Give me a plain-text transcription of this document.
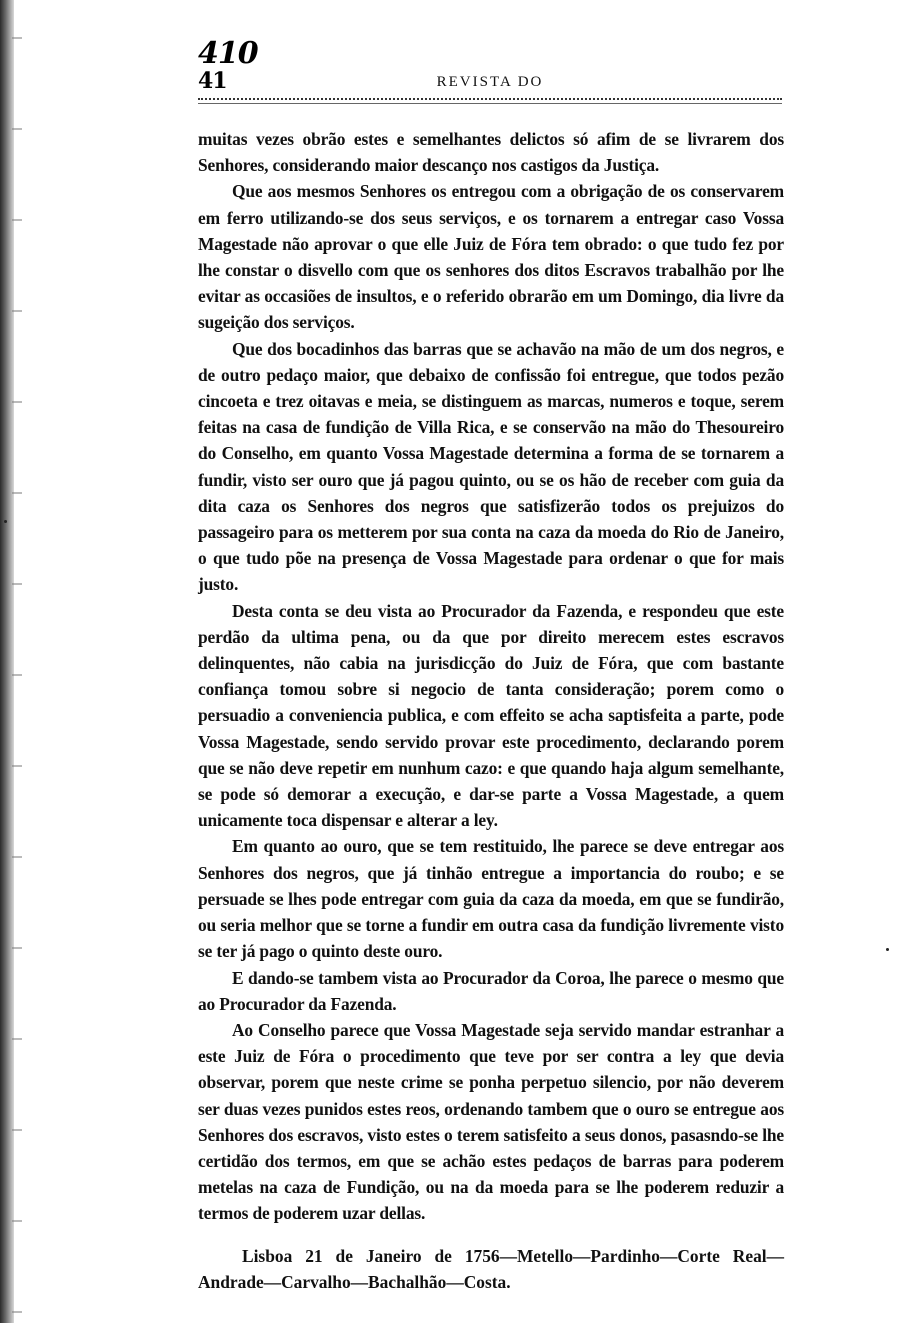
410
41	REVISTA DO

muitas vezes obrão estes e semelhantes delictos só afim de se livrarem dos Senhores, considerando maior descanço nos castigos da Justiça.

Que aos mesmos Senhores os entregou com a obrigação de os conservarem em ferro utilizando-se dos seus serviços, e os tornarem a entregar caso Vossa Magestade não aprovar o que elle Juiz de Fóra tem obrado: o que tudo fez por lhe constar o disvello com que os senhores dos ditos Escravos trabalhão por lhe evitar as occasiões de insultos, e o referido obrarão em um Domingo, dia livre da sugeição dos serviços.

Que dos bocadinhos das barras que se achavão na mão de um dos negros, e de outro pedaço maior, que debaixo de confissão foi entregue, que todos pezão cincoeta e trez oitavas e meia, se distinguem as marcas, numeros e toque, serem feitas na casa de fundição de Villa Rica, e se conservão na mão do Thesoureiro do Conselho, em quanto Vossa Magestade determina a forma de se tornarem a fundir, visto ser ouro que já pagou quinto, ou se os hão de receber com guia da dita caza os Senhores dos negros que satisfizerão todos os prejuizos do passageiro para os metterem por sua conta na caza da moeda do Rio de Janeiro, o que tudo põe na presença de Vossa Magestade para ordenar o que for mais justo.

Desta conta se deu vista ao Procurador da Fazenda, e respondeu que este perdão da ultima pena, ou da que por direito merecem estes escravos delinquentes, não cabia na jurisdicção do Juiz de Fóra, que com bastante confiança tomou sobre si negocio de tanta consideração; porem como o persuadio a conveniencia publica, e com effeito se acha saptisfeita a parte, pode Vossa Magestade, sendo servido provar este procedimento, declarando porem que se não deve repetir em nunhum cazo: e que quando haja algum semelhante, se pode só demorar a execução, e dar-se parte a Vossa Magestade, a quem unicamente toca dispensar e alterar a ley.

Em quanto ao ouro, que se tem restituido, lhe parece se deve entregar aos Senhores dos negros, que já tinhão entregue a importancia do roubo; e se persuade se lhes pode entregar com guia da caza da moeda, em que se fundirão, ou seria melhor que se torne a fundir em outra casa da fundição livremente visto se ter já pago o quinto deste ouro.

E dando-se tambem vista ao Procurador da Coroa, lhe parece o mesmo que ao Procurador da Fazenda.

Ao Conselho parece que Vossa Magestade seja servido mandar estranhar a este Juiz de Fóra o procedimento que teve por ser contra a ley que devia observar, porem que neste crime se ponha perpetuo silencio, por não deverem ser duas vezes punidos estes reos, ordenando tambem que o ouro se entregue aos Senhores dos escravos, visto estes o terem satisfeito a seus donos, pasasndo-se lhe certidão dos termos, em que se achão estes pedaços de barras para poderem metelas na caza de Fundição, ou na da moeda para se lhe poderem reduzir a termos de poderem uzar dellas.

Lisboa 21 de Janeiro de 1756—Metello—Pardinho—Corte Real—Andrade—Carvalho—Bachalhão—Costa.
